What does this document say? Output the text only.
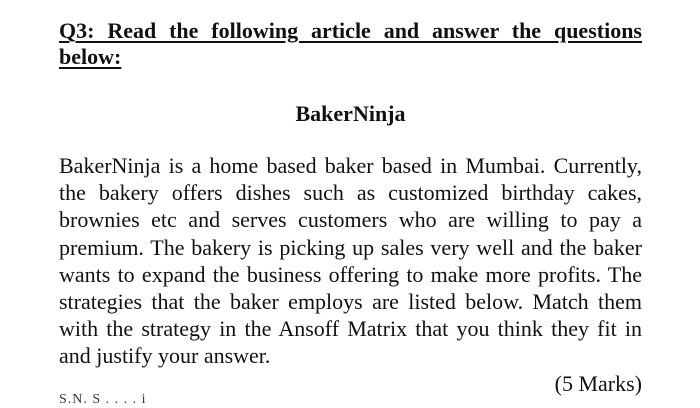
Q3: Read the following article and answer the questions below:

BakerNinja

BakerNinja is a home based baker based in Mumbai. Currently, the bakery offers dishes such as customized birthday cakes, brownies etc and serves customers who are willing to pay a premium. The bakery is picking up sales very well and the baker wants to expand the business offering to make more profits. The strategies that the baker employs are listed below. Match them with the strategy in the Ansoff Matrix that you think they fit in and justify your answer.

(5 Marks)

S.N. S . . . . i
